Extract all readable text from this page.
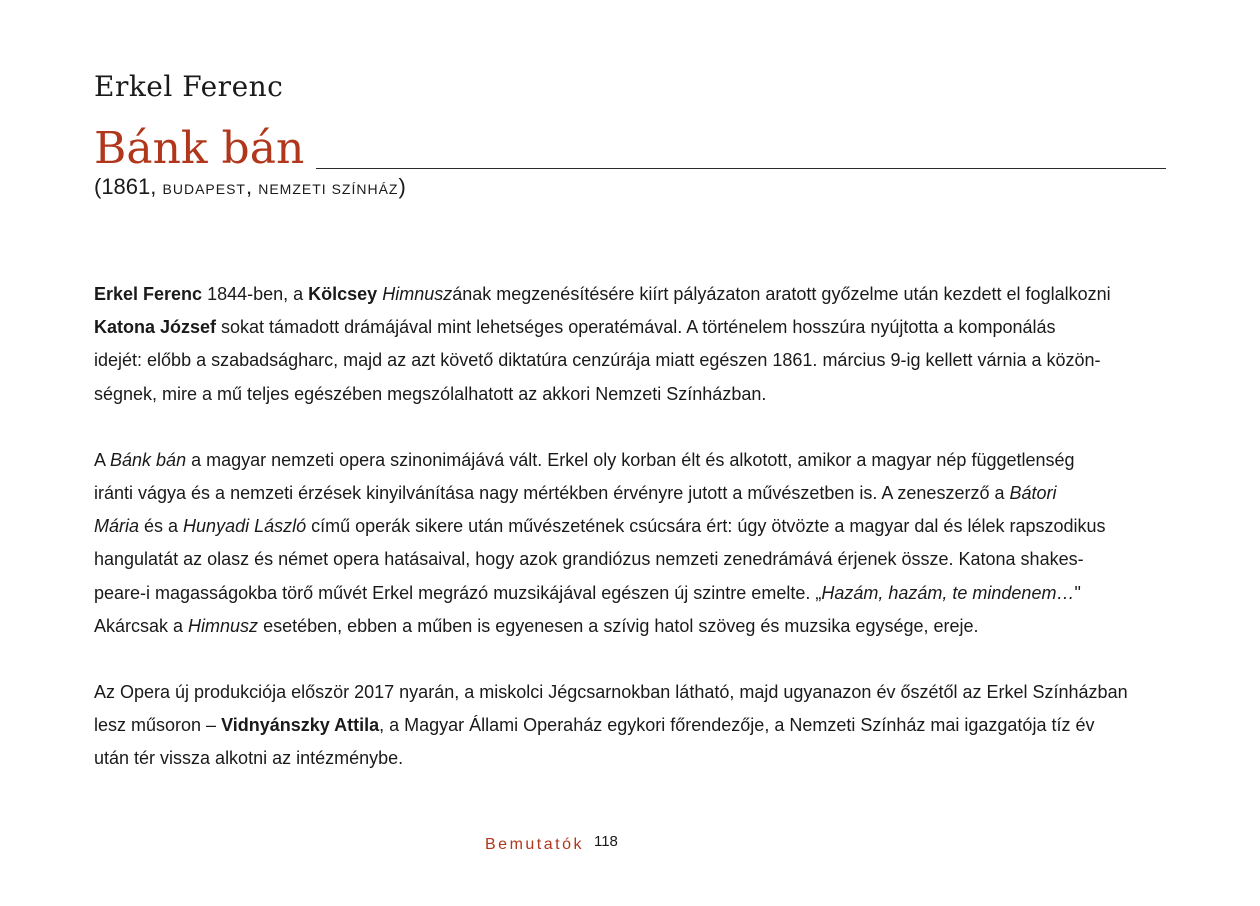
Erkel Ferenc
Bánk bán
(1861, BUDAPEST, NEMZETI SZÍNHÁZ)

Erkel Ferenc 1844-ben, a Kölcsey Himnuszának megzenésítésére kiírt pályázaton aratott győzelme után kezdett el foglalkozni

Katona József sokat támadott drámájával mint lehetséges operatémával. A történelem hosszúra nyújtotta a komponálás

idejét: előbb a szabadságharc, majd az azt követő diktatúra cenzúrája miatt egészen 1861. március 9-ig kellett várnia a közön-

ségnek, mire a mű teljes egészében megszólalhatott az akkori Nemzeti Színházban.

A Bánk bán a magyar nemzeti opera szinonimájává vált. Erkel oly korban élt és alkotott, amikor a magyar nép függetlenség

iránti vágya és a nemzeti érzések kinyilvánítása nagy mértékben érvényre jutott a művészetben is. A zeneszerző a Bátori

Mária és a Hunyadi László című operák sikere után művészetének csúcsára ért: úgy ötvözte a magyar dal és lélek rapszodikus

hangulatát az olasz és német opera hatásaival, hogy azok grandiózus nemzeti zenedrámává érjenek össze. Katona shakes-

peare-i magasságokba törő művét Erkel megrázó muzsikájával egészen új szintre emelte. „Hazám, hazám, te mindenem…"

Akárcsak a Himnusz esetében, ebben a műben is egyenesen a szívig hatol szöveg és muzsika egysége, ereje.

Az Opera új produkciója először 2017 nyarán, a miskolci Jégcsarnokban látható, majd ugyanazon év őszétől az Erkel Színházban

lesz műsoron – Vidnyánszky Attila, a Magyar Állami Operaház egykori főrendezője, a Nemzeti Színház mai igazgatója tíz év

után tér vissza alkotni az intézménybe.

Bemutatók 118
